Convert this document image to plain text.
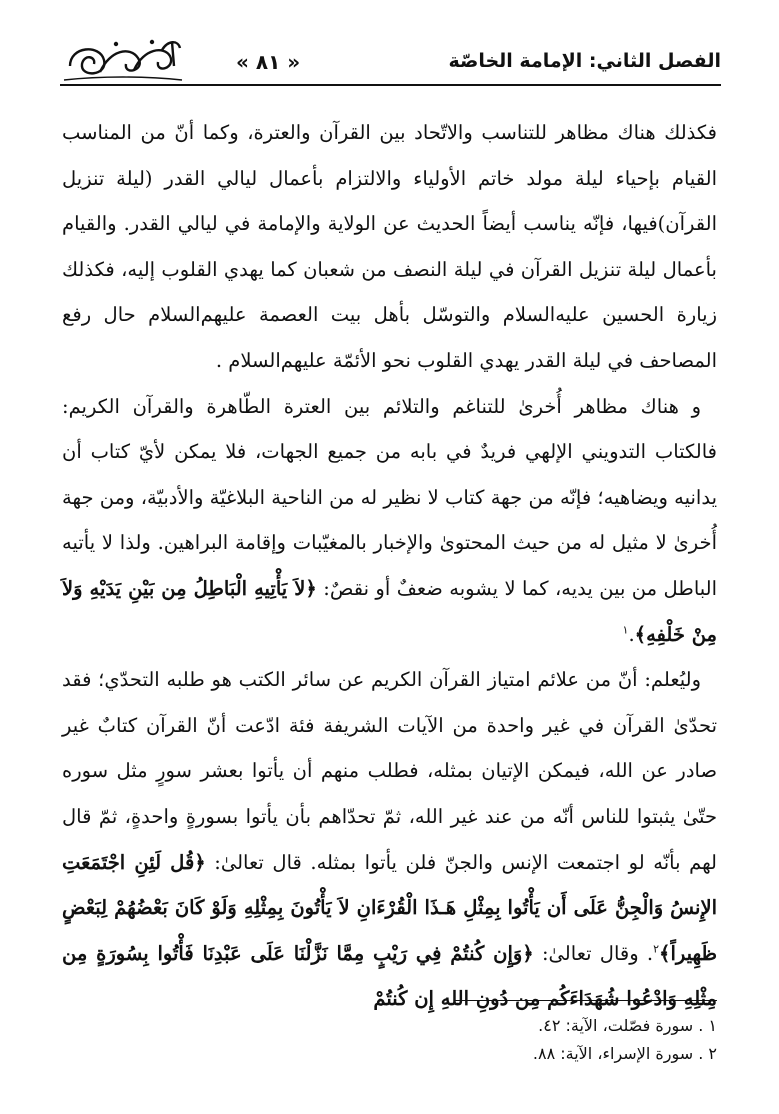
« ٨١ »	الفصل الثاني: الإمامة الخاصّة

فكذلك هناك مظاهر للتناسب والاتّحاد بين القرآن والعترة، وكما أنّ من المناسب القيام بإحياء ليلة مولد خاتم الأولياء والالتزام بأعمال ليالي القدر (ليلة تنزيل القرآن)فيها، فإنّه يناسب أيضاً الحديث عن الولاية والإمامة في ليالي القدر. والقيام بأعمال ليلة تنزيل القرآن في ليلة النصف من شعبان كما يهدي القلوب إليه، فكذلك زيارة الحسين عليه‌السلام والتوسّل بأهل بيت العصمة عليهم‌السلام حال رفع المصاحف في ليلة القدر يهدي القلوب نحو الأئمّة عليهم‌السلام .

و هناك مظاهر أُخرىٰ للتناغم والتلائم بين العترة الطّاهرة والقرآن الكريم: فالكتاب التدويني الإلهي فريدٌ في بابه من جميع الجهات، فلا يمكن لأيّ كتاب أن يدانيه ويضاهيه؛ فإنّه من جهة كتاب لا نظير له من الناحية البلاغيّة والأدبيّة، ومن جهة أُخرىٰ لا مثيل له من حيث المحتوىٰ والإخبار بالمغيّبات وإقامة البراهين. ولذا لا يأتيه الباطل من بين يديه، كما لا يشوبه ضعفٌ أو نقصٌ: ﴿لاَ يَأْتِيهِ الْبَاطِلُ مِن بَيْنِ يَدَيْهِ وَلاَ مِنْ خَلْفِهِ﴾.$^١$

وليُعلم: أنّ من علائم امتياز القرآن الكريم عن سائر الكتب هو طلبه التحدّي؛ فقد تحدّىٰ القرآن في غير واحدة من الآيات الشريفة فئة ادّعت أنّ القرآن كتابٌ غير صادر عن الله، فيمكن الإتيان بمثله، فطلب منهم أن يأتوا بعشر سورٍ مثل سوره حتّىٰ يثبتوا للناس أنّه من عند غير الله، ثمّ تحدّاهم بأن يأتوا بسورةٍ واحدةٍ، ثمّ قال لهم بأنّه لو اجتمعت الإنس والجنّ فلن يأتوا بمثله. قال تعالىٰ: ﴿قُل لَئِنِ اجْتَمَعَتِ الإِنسُ وَالْجِنُّ عَلَى أَن يَأْتُوا بِمِثْلِ هَـذَا الْقُرْءَانِ لاَ يَأْتُونَ بِمِثْلِهِ وَلَوْ كَانَ بَعْضُهُمْ لِبَعْضٍ ظَهِيراً﴾$^٢$. وقال تعالىٰ: ﴿وَإِن كُنتُمْ فِي رَيْبٍ مِمَّا نَزَّلْنَا عَلَى عَبْدِنَا فَأْتُوا بِسُورَةٍ مِن مِثْلِهِ وَادْعُوا شُهَدَاءَكُم مِن دُونِ اللهِ إِن كُنتُمْ

١ . سورة فصّلت، الآية: ٤٢.
٢ . سورة الإسراء، الآية: ٨٨.
